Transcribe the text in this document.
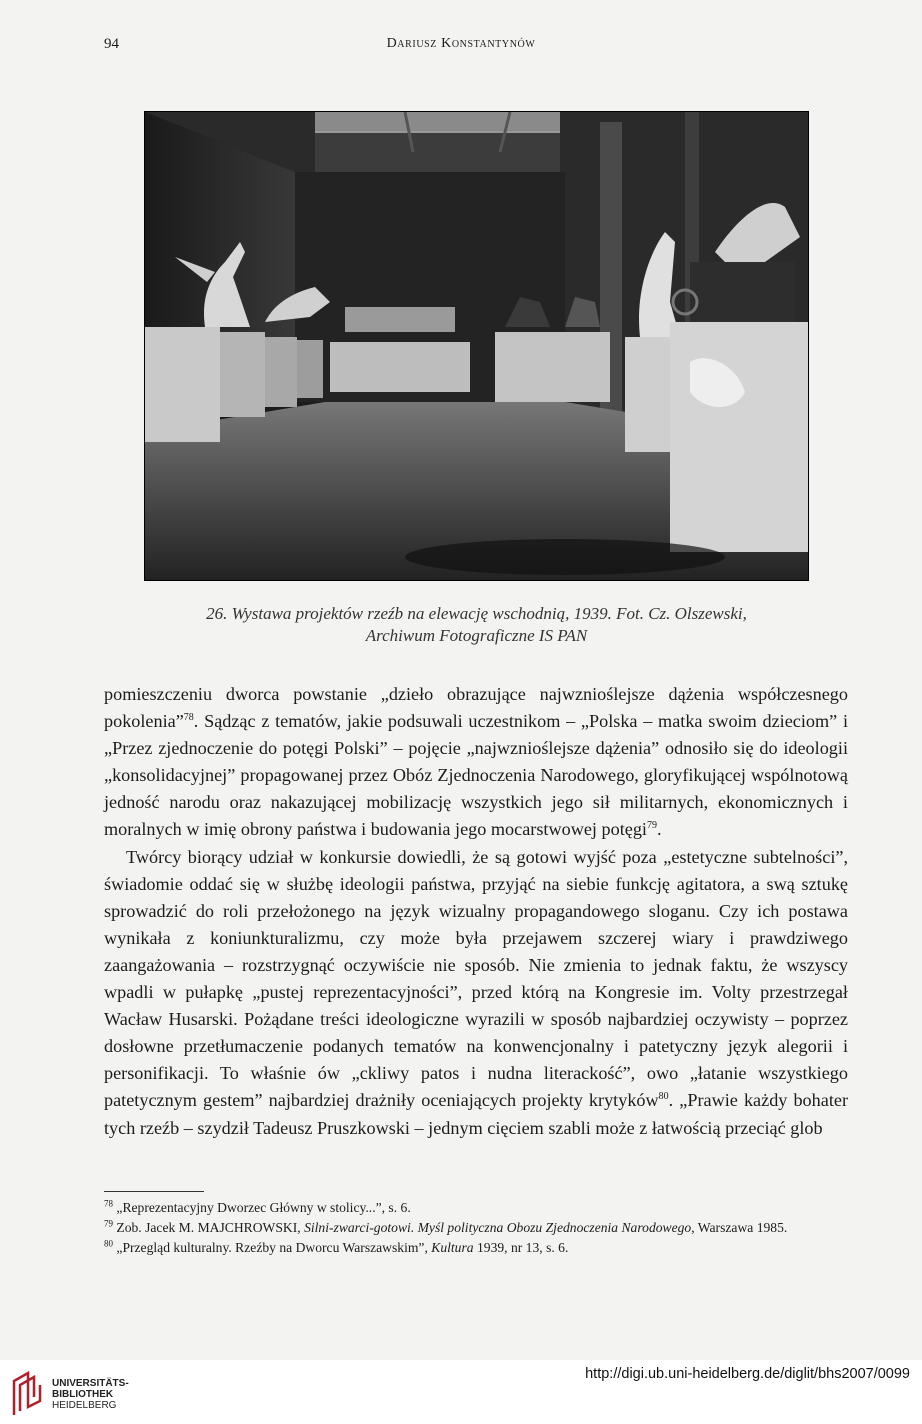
94	Dariusz Konstantynów
26. Wystawa projektów rzeźb na elewację wschodnią, 1939. Fot. Cz. Olszewski,
Archiwum Fotograficzne IS PAN

pomieszczeniu dworca powstanie „dzieło obrazujące najwznioślejsze dążenia współczesnego pokolenia”$^{78}$. Sądząc z tematów, jakie podsuwali uczestnikom – „Polska – matka swoim dzieciom” i „Przez zjednoczenie do potęgi Polski” – pojęcie „najwznioślejsze dążenia” odnosiło się do ideologii „konsolidacyjnej” propagowanej przez Obóz Zjednoczenia Narodowego, gloryfikującej wspólnotową jedność narodu oraz nakazującej mobilizację wszystkich jego sił militarnych, ekonomicznych i moralnych w imię obrony państwa i budowania jego mocarstwowej potęgi$^{79}$.

Twórcy biorący udział w konkursie dowiedli, że są gotowi wyjść poza „estetyczne subtelności”, świadomie oddać się w służbę ideologii państwa, przyjąć na siebie funkcję agitatora, a swą sztukę sprowadzić do roli przełożonego na język wizualny propagandowego sloganu. Czy ich postawa wynikała z koniunkturalizmu, czy może była przejawem szczerej wiary i prawdziwego zaangażowania – rozstrzygnąć oczywiście nie sposób. Nie zmienia to jednak faktu, że wszyscy wpadli w pułapkę „pustej reprezentacyjności”, przed którą na Kongresie im. Volty przestrzegał Wacław Husarski. Pożądane treści ideologiczne wyrazili w sposób najbardziej oczywisty – poprzez dosłowne przetłumaczenie podanych tematów na konwencjonalny i patetyczny język alegorii i personifikacji. To właśnie ów „ckliwy patos i nudna literackość”, owo „łatanie wszystkiego patetycznym gestem” najbardziej drażniły oceniających projekty krytyków$^{80}$. „Prawie każdy bohater tych rzeźb – szydził Tadeusz Pruszkowski – jednym cięciem szabli może z łatwością przeciąć glob

$^{78}$ „Reprezentacyjny Dworzec Główny w stolicy...”, s. 6.
$^{79}$ Zob. Jacek M. MAJCHROWSKI, Silni-zwarci-gotowi. Myśl polityczna Obozu Zjednoczenia Narodowego, Warszawa 1985.
$^{80}$ „Przegląd kulturalny. Rzeźby na Dworcu Warszawskim”, Kultura 1939, nr 13, s. 6.
UNIVERSITÄTS-
BIBLIOTHEK
HEIDELBERG
http://digi.ub.uni-heidelberg.de/diglit/bhs2007/0099
